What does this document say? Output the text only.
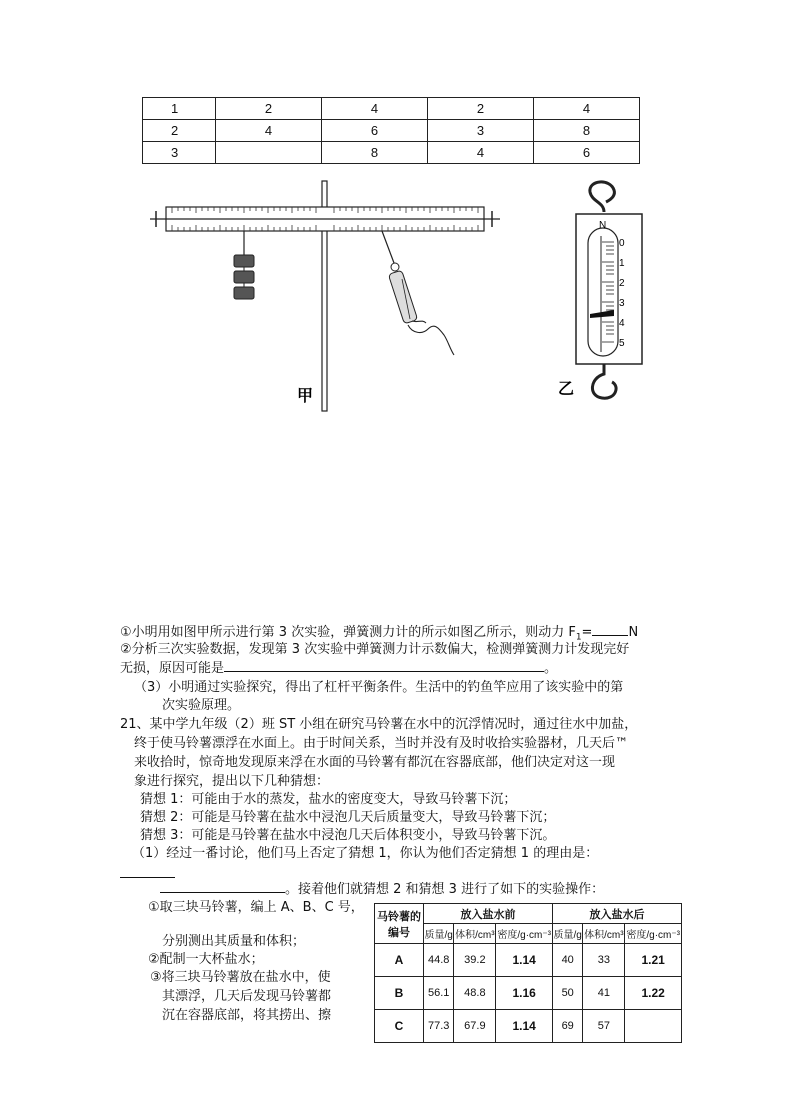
1	2	4	2	4
2	4	6	3	8
3		8	4	6
甲
N
0
1
2
3
4
5
乙
①小明用如图甲所示进行第 3 次实验，弹簧测力计的所示如图乙所示，则动力 $F_1=$	N
②分析三次实验数据，发现第 3 次实验中弹簧测力计示数偏大，检测弹簧测力计发现完好
无损，原因可能是	。
（3）小明通过实验探究，得出了杠杆平衡条件。生活中的钓鱼竿应用了该实验中的第
次实验原理。
21、某中学九年级（2）班 ST 小组在研究马铃薯在水中的沉浮情况时，通过往水中加盐，
终于使马铃薯漂浮在水面上。由于时间关系，当时并没有及时收拾实验器材，几天后™
来收拾时，惊奇地发现原来浮在水面的马铃薯有都沉在容器底部，他们决定对这一现
象进行探究，提出以下几种猜想：
猜想 1：可能由于水的蒸发，盐水的密度变大，导致马铃薯下沉；
猜想 2：可能是马铃薯在盐水中浸泡几天后质量变大，导致马铃薯下沉；
猜想 3：可能是马铃薯在盐水中浸泡几天后体积变小，导致马铃薯下沉。
（1）经过一番讨论，他们马上否定了猜想 1，你认为他们否定猜想 1 的理由是：
。接着他们就猜想 2 和猜想 3 进行了如下的实验操作：
①取三块马铃薯，编上 A、B、C 号，
分别测出其质量和体积；
②配制一大杯盐水；
③将三块马铃薯放在盐水中，使
其漂浮，几天后发现马铃薯都
沉在容器底部，将其捞出、擦
马铃薯的编号	放入盐水前			放入盐水后		
	质量/g	体积/cm³	密度/g·cm⁻³	质量/g	体积/cm³	密度/g·cm⁻³
A	44.8	39.2	1.14	40	33	1.21
B	56.1	48.8	1.16	50	41	1.22
C	77.3	67.9	1.14	69	57	
